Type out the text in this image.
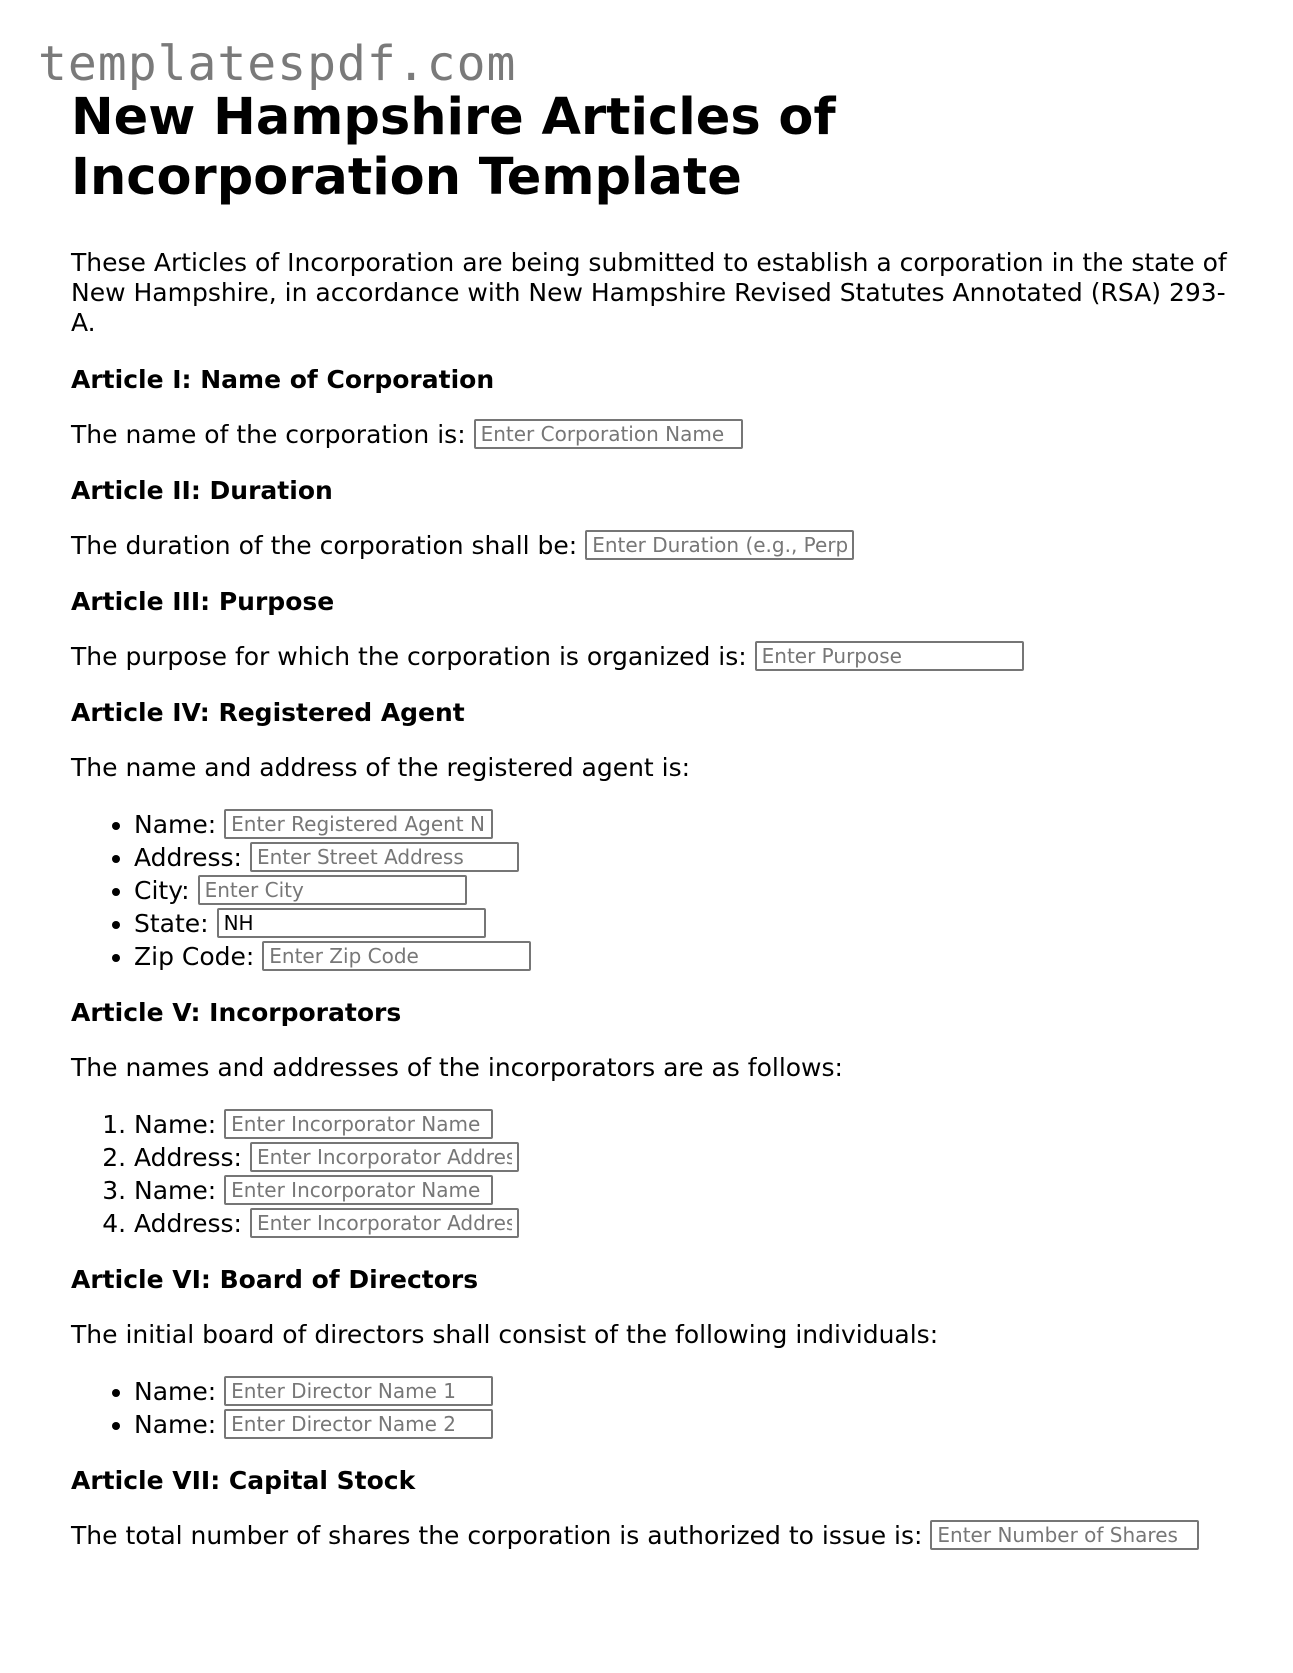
templatespdf.com
New Hampshire Articles of Incorporation Template

These Articles of Incorporation are being submitted to establish a corporation in the state of New Hampshire, in accordance with New Hampshire Revised Statutes Annotated (RSA) 293-A.

Article I: Name of Corporation

The name of the corporation is: Enter Corporation Name

Article II: Duration

The duration of the corporation shall be: Enter Duration (e.g., Perpetual)

Article III: Purpose

The purpose for which the corporation is organized is: Enter Purpose

Article IV: Registered Agent

The name and address of the registered agent is:

• Name: Enter Registered Agent Name
• Address: Enter Street Address
• City: Enter City
• State: NH
• Zip Code: Enter Zip Code
Article V: Incorporators

The names and addresses of the incorporators are as follows:

1. Name: Enter Incorporator Name 1
2. Address: Enter Incorporator Address 1
3. Name: Enter Incorporator Name 2
4. Address: Enter Incorporator Address 2
Article VI: Board of Directors

The initial board of directors shall consist of the following individuals:

• Name: Enter Director Name 1
• Name: Enter Director Name 2
Article VII: Capital Stock

The total number of shares the corporation is authorized to issue is: Enter Number of Shares
